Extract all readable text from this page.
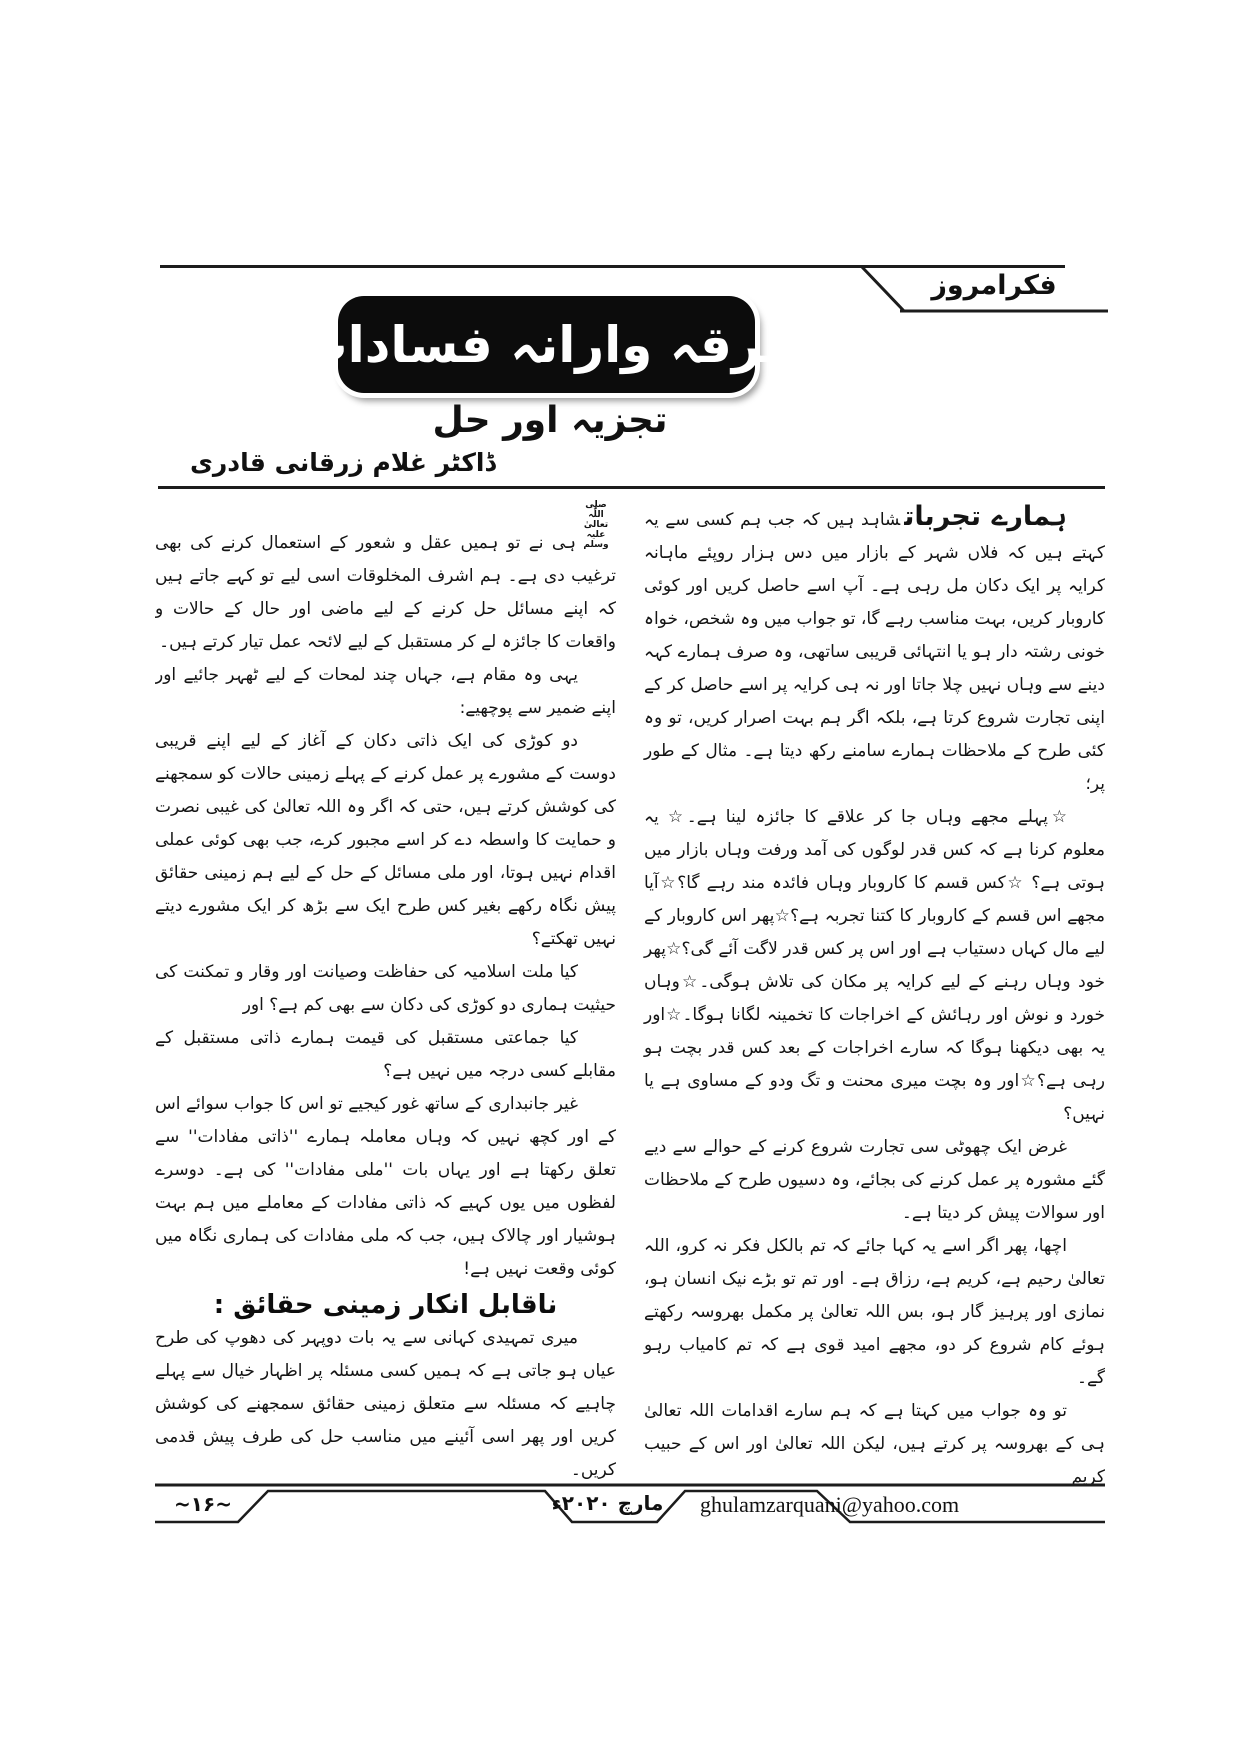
فکرامروز
فرقہ وارانہ فسادات
تجزیہ اور حل
ڈاکٹر غلام زرقانی قادری

ہمارے تجرباتشاہد ہیں کہ جب ہم کسی سے یہ کہتے ہیں کہ فلاں شہر کے بازار میں دس ہزار روپئے ماہانہ کرایہ پر ایک دکان مل رہی ہے۔ آپ اسے حاصل کریں اور کوئی کاروبار کریں، بہت مناسب رہے گا، تو جواب میں وہ شخص، خواہ خونی رشتہ دار ہو یا انتہائی قریبی ساتھی، وہ صرف ہمارے کہہ دینے سے وہاں نہیں چلا جاتا اور نہ ہی کرایہ پر اسے حاصل کر کے اپنی تجارت شروع کرتا ہے، بلکہ اگر ہم بہت اصرار کریں، تو وہ کئی طرح کے ملاحظات ہمارے سامنے رکھ دیتا ہے۔ مثال کے طور پر؛

☆پہلے مجھے وہاں جا کر علاقے کا جائزہ لینا ہے۔☆ یہ معلوم کرنا ہے کہ کس قدر لوگوں کی آمد ورفت وہاں بازار میں ہوتی ہے؟ ☆کس قسم کا کاروبار وہاں فائدہ مند رہے گا؟☆آیا مجھے اس قسم کے کاروبار کا کتنا تجربہ ہے؟☆پھر اس کاروبار کے لیے مال کہاں دستیاب ہے اور اس پر کس قدر لاگت آئے گی؟☆پھر خود وہاں رہنے کے لیے کرایہ پر مکان کی تلاش ہوگی۔☆وہاں خورد و نوش اور رہائش کے اخراجات کا تخمینہ لگانا ہوگا۔☆اور یہ بھی دیکھنا ہوگا کہ سارے اخراجات کے بعد کس قدر بچت ہو رہی ہے؟☆اور وہ بچت میری محنت و تگ ودو کے مساوی ہے یا نہیں؟

غرض ایک چھوٹی سی تجارت شروع کرنے کے حوالے سے دیے گئے مشورہ پر عمل کرنے کی بجائے، وہ دسیوں طرح کے ملاحظات اور سوالات پیش کر دیتا ہے۔

اچھا، پھر اگر اسے یہ کہا جائے کہ تم بالکل فکر نہ کرو، اللہ تعالیٰ رحیم ہے، کریم ہے، رزاق ہے۔ اور تم تو بڑے نیک انسان ہو، نمازی اور پرہیز گار ہو، بس اللہ تعالیٰ پر مکمل بھروسہ رکھتے ہوئے کام شروع کر دو، مجھے امید قوی ہے کہ تم کامیاب رہو گے۔

تو وہ جواب میں کہتا ہے کہ ہم سارے اقدامات اللہ تعالیٰ ہی کے بھروسہ پر کرتے ہیں، لیکن اللہ تعالیٰ اور اس کے حبیب کریم

صلی اللّٰہ تعالیٰ
علیہ وسلم
ہی نے تو ہمیں عقل و شعور کے استعمال کرنے کی بھی ترغیب دی ہے۔ ہم اشرف المخلوقات اسی لیے تو کہے جاتے ہیں کہ اپنے مسائل حل کرنے کے لیے ماضی اور حال کے حالات و واقعات کا جائزہ لے کر مستقبل کے لیے لائحہ عمل تیار کرتے ہیں۔

یہی وہ مقام ہے، جہاں چند لمحات کے لیے ٹھہر جائیے اور اپنے ضمیر سے پوچھیے:

دو کوڑی کی ایک ذاتی دکان کے آغاز کے لیے اپنے قریبی دوست کے مشورے پر عمل کرنے کے پہلے زمینی حالات کو سمجھنے کی کوشش کرتے ہیں، حتی کہ اگر وہ اللہ تعالیٰ کی غیبی نصرت و حمایت کا واسطہ دے کر اسے مجبور کرے، جب بھی کوئی عملی اقدام نہیں ہوتا، اور ملی مسائل کے حل کے لیے ہم زمینی حقائق پیش نگاہ رکھے بغیر کس طرح ایک سے بڑھ کر ایک مشورے دیتے نہیں تھکتے؟

کیا ملت اسلامیہ کی حفاظت وصیانت اور وقار و تمکنت کی حیثیت ہماری دو کوڑی کی دکان سے بھی کم ہے؟ اور

کیا جماعتی مستقبل کی قیمت ہمارے ذاتی مستقبل کے مقابلے کسی درجہ میں نہیں ہے؟

غیر جانبداری کے ساتھ غور کیجیے تو اس کا جواب سوائے اس کے اور کچھ نہیں کہ وہاں معاملہ ہمارے ''ذاتی مفادات'' سے تعلق رکھتا ہے اور یہاں بات ''ملی مفادات'' کی ہے۔ دوسرے لفظوں میں یوں کہیے کہ ذاتی مفادات کے معاملے میں ہم بہت ہوشیار اور چالاک ہیں، جب کہ ملی مفادات کی ہماری نگاہ میں کوئی وقعت نہیں ہے!

ناقابل انکار زمینی حقائق :

میری تمہیدی کہانی سے یہ بات دوپہر کی دھوپ کی طرح عیاں ہو جاتی ہے کہ ہمیں کسی مسئلہ پر اظہار خیال سے پہلے چاہیے کہ مسئلہ سے متعلق زمینی حقائق سمجھنے کی کوشش کریں اور پھر اسی آئینے میں مناسب حل کی طرف پیش قدمی کریں۔

~۱۶~	مارچ ۲۰۲۰ء	ghulamzarquani@yahoo.com
